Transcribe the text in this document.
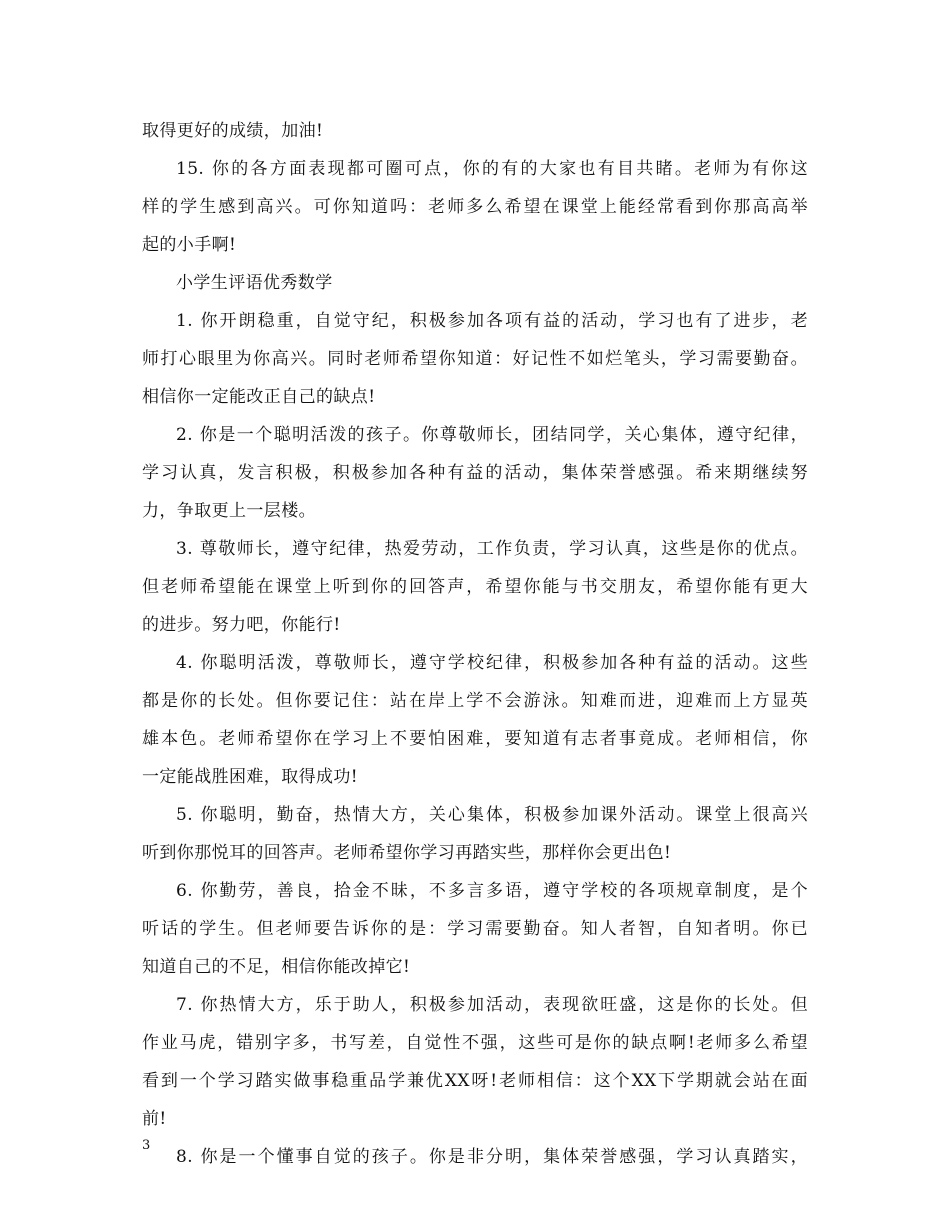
取得更好的成绩，加油!
15. 你的各方面表现都可圈可点，你的有的大家也有目共睹。老师为有你这
样的学生感到高兴。可你知道吗：老师多么希望在课堂上能经常看到你那高高举
起的小手啊!
小学生评语优秀数学
1. 你开朗稳重，自觉守纪，积极参加各项有益的活动，学习也有了进步，老
师打心眼里为你高兴。同时老师希望你知道：好记性不如烂笔头，学习需要勤奋。
相信你一定能改正自己的缺点!
2. 你是一个聪明活泼的孩子。你尊敬师长，团结同学，关心集体，遵守纪律，
学习认真，发言积极，积极参加各种有益的活动，集体荣誉感强。希来期继续努
力，争取更上一层楼。
3. 尊敬师长，遵守纪律，热爱劳动，工作负责，学习认真，这些是你的优点。
但老师希望能在课堂上听到你的回答声，希望你能与书交朋友，希望你能有更大
的进步。努力吧，你能行!
4. 你聪明活泼，尊敬师长，遵守学校纪律，积极参加各种有益的活动。这些
都是你的长处。但你要记住：站在岸上学不会游泳。知难而进，迎难而上方显英
雄本色。老师希望你在学习上不要怕困难，要知道有志者事竟成。老师相信，你
一定能战胜困难，取得成功!
5. 你聪明，勤奋，热情大方，关心集体，积极参加课外活动。课堂上很高兴
听到你那悦耳的回答声。老师希望你学习再踏实些，那样你会更出色!
6. 你勤劳，善良，拾金不昧，不多言多语，遵守学校的各项规章制度，是个
听话的学生。但老师要告诉你的是：学习需要勤奋。知人者智，自知者明。你已
知道自己的不足，相信你能改掉它!
7. 你热情大方，乐于助人，积极参加活动，表现欲旺盛，这是你的长处。但
作业马虎，错别字多，书写差，自觉性不强，这些可是你的缺点啊!老师多么希望
看到一个学习踏实做事稳重品学兼优XX呀!老师相信：这个XX下学期就会站在面
前!
8. 你是一个懂事自觉的孩子。你是非分明，集体荣誉感强，学习认真踏实，
3
